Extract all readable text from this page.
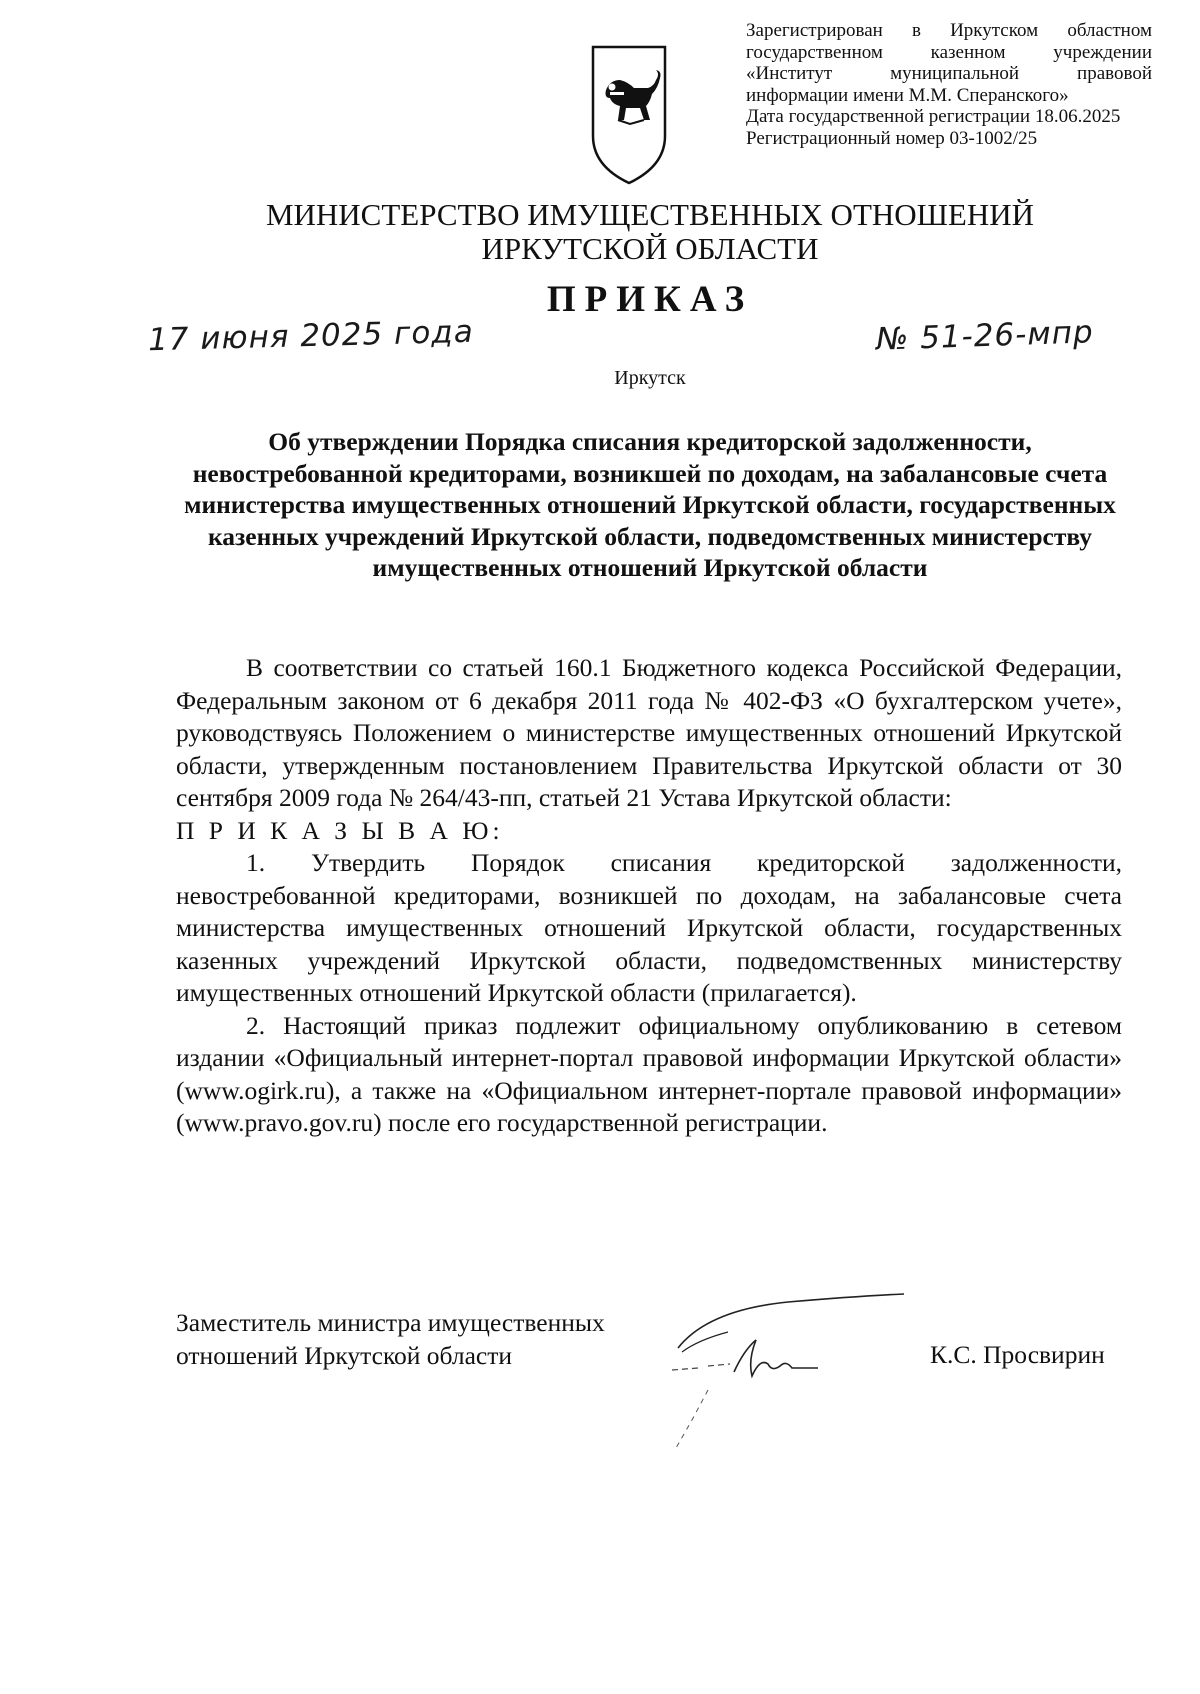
Зарегистрирован в Иркутском областном
государственном казенном учреждении
«Институт муниципальной правовой
информации имени М.М. Сперанского»
Дата государственной регистрации 18.06.2025
Регистрационный номер 03-1002/25
МИНИСТЕРСТВО ИМУЩЕСТВЕННЫХ ОТНОШЕНИЙ
ИРКУТСКОЙ ОБЛАСТИ
ПРИКАЗ
17 июня 2025 года	№ 51-26-мпр
Иркутск
Об утверждении Порядка списания кредиторской задолженности, невостребованной кредиторами, возникшей по доходам, на забалансовые счета министерства имущественных отношений Иркутской области, государственных казенных учреждений Иркутской области, подведомственных министерству имущественных отношений Иркутской области

В соответствии со статьей 160.1 Бюджетного кодекса Российской Федерации, Федеральным законом от 6 декабря 2011 года № 402-ФЗ «О бухгалтерском учете», руководствуясь Положением о министерстве имущественных отношений Иркутской области, утвержденным постановлением Правительства Иркутской области от 30 сентября 2009 года № 264/43-пп, статьей 21 Устава Иркутской области:

П Р И К А З Ы В А Ю:

1. Утвердить Порядок списания кредиторской задолженности, невостребованной кредиторами, возникшей по доходам, на забалансовые счета министерства имущественных отношений Иркутской области, государственных казенных учреждений Иркутской области, подведомственных министерству имущественных отношений Иркутской области (прилагается).

2. Настоящий приказ подлежит официальному опубликованию в сетевом издании «Официальный интернет-портал правовой информации Иркутской области» (www.ogirk.ru), а также на «Официальном интернет-портале правовой информации» (www.pravo.gov.ru) после его государственной регистрации.

Заместитель министра имущественных
отношений Иркутской области	К.С. Просвирин
